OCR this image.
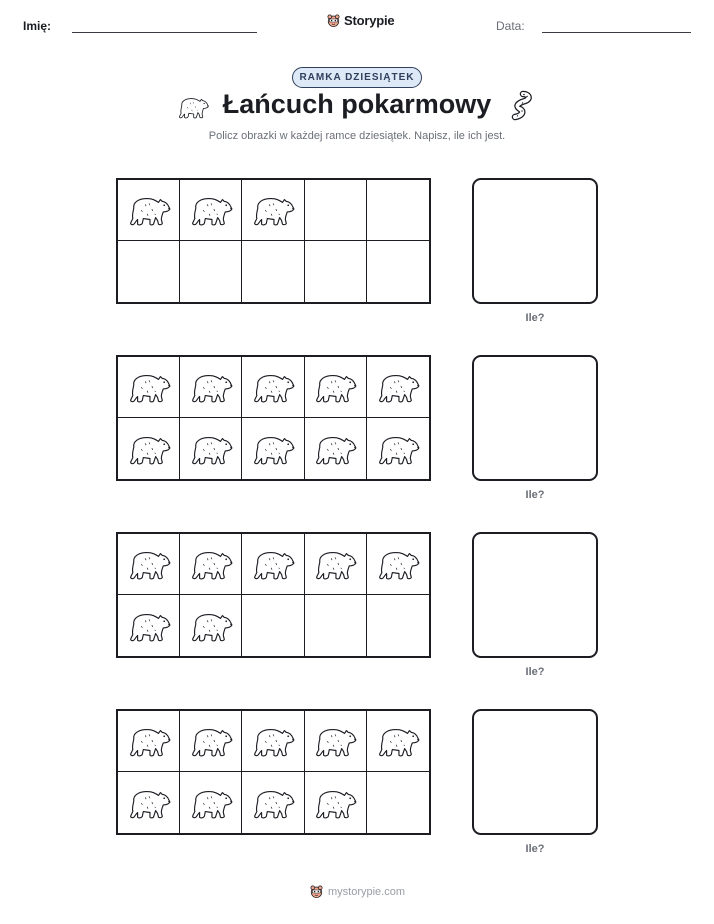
Imię:	Storypie	Data:
RAMKA DZIESIĄTEK
Łańcuch pokarmowy
Policz obrazki w każdej ramce dziesiątek. Napisz, ile ich jest.
Ile?
Ile?
Ile?
Ile?
mystorypie.com
